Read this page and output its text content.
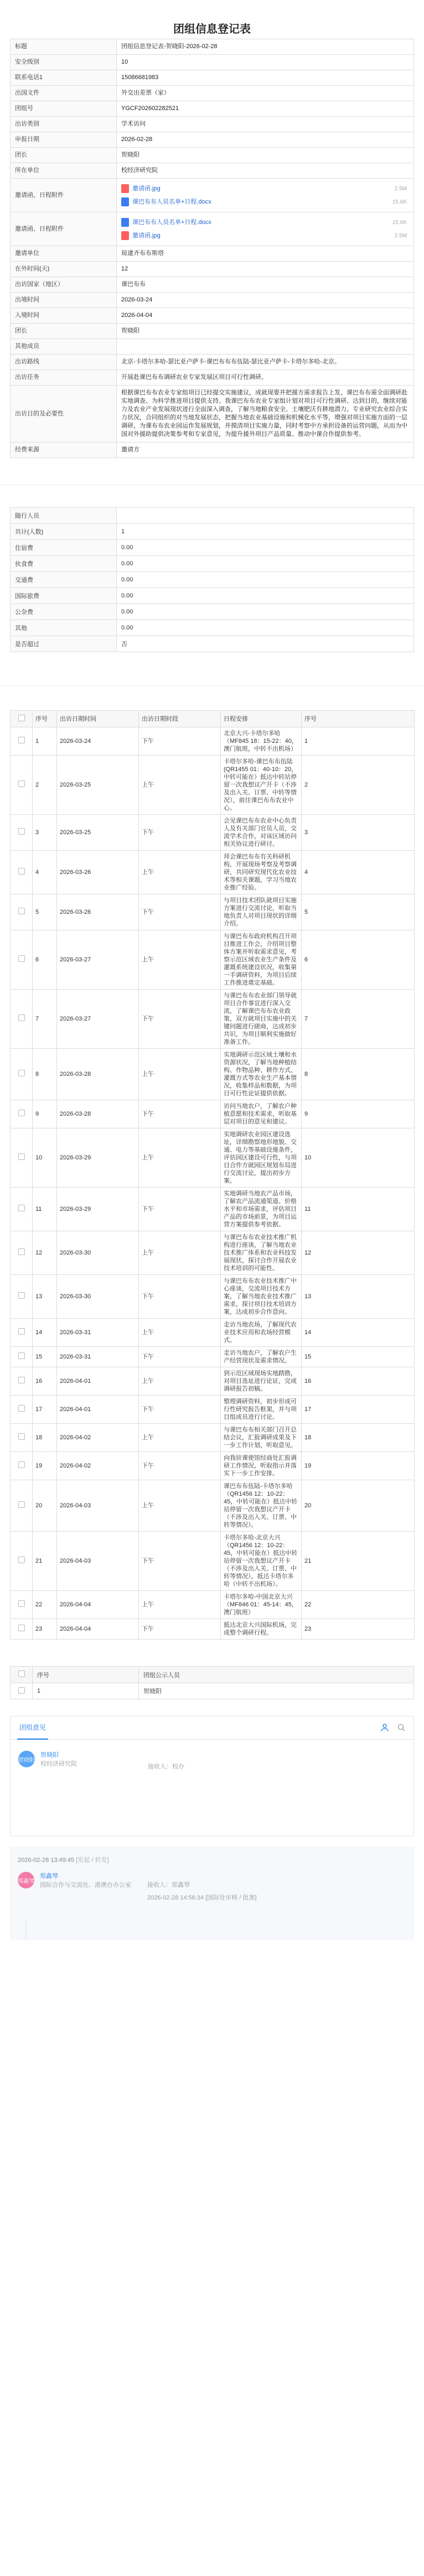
团组信息登记表
标题	团组信息登记表-贺晓阳-2026-02-28
安全级别	10
联系电话1	15086681983
出国文件	外交出差票（家）
团组号	YGCF202602282521
出访类别	学术访问
申报日期	2026-02-28
团长	贺晓阳
所在单位	校经济研究院
邀请函、日程附件	邀请函.jpg 2.5M
课巴布布人员名单+日程.docx 15.6K

邀请函、日程附件	课巴布布人员名单+日程.docx 15.6K
邀请函.jpg 2.5M

邀请单位	琼逮齐布布斯塔
在外时间(天)	12
出访国家（地区）	课巴布布
出境时间	2026-03-24
入境时间	2026-04-04
团长	贺晓阳
其他成员	
出访路线	北京-卡塔尔多哈-瑟比亚卢萨卡-课巴布布布伍陆-瑟比亚卢萨卡-卡塔尔多哈-北京。
出访任务	开展赴课巴布布调研农业专家发展区项目可行性调研。
出访目的及必要性	根据课巴布布农业专家组项目已经提交实施建议，成就现要并把援方需求报告上发，课巴布布需全面调研赴实地调查、为科学推进项目提供支持。我课巴布布农业专家组计划对项目可行性调研、达到目的，继续对能力及农业产业发展现状进行全面深入调查，了解当地粮食安全、土壤肥沃有耕地潜力。专业研究农业综合实力状况，合同组织的对当地发展状态，把握当地农业基础设施和机械化水平等，增强对项目实施方面的一层调研，为课布布农业园运作发展规划，并摸清项目实施力量，同时考察中方承担设备的运营问题，从而为中国对外援助提供决策参考和专家意见，为提升援外项目产品质量、推动中课合作提供参考。
经费来源	邀请方
随行人员	
共计(人数)	1
住宿费	0.00
伙食费	0.00
交通费	0.00
国际旅费	0.00
公杂费	0.00
其他	0.00
是否超过	否
	序号	出访日期时间	出访日期时段	日程安排	序号
	1	2026-03-24	下午	北京大兴-卡塔尔多哈（MF845 18：15-22：40，澳门航班，中转不出机场）	1
	2	2026-03-25	上午	卡塔尔多哈-课巴布布伍陆(QR1455 01：40-10：20，中转可能在）抵达中转站停留一次我想议产开卡（不涉及出入关、订票、中转等情况），前往课巴布布农业中心。	2
	3	2026-03-25	下午	会见课巴布布农业中心负责人及有关部门官员人员，交流学术合作，对该区域访问相关协议进行研讨。	3
	4	2026-03-26	上午	拜会课巴布布有关科研机构，开展现场考察及考察调研，共同研究现代化农业技术等相关课题，学习当地农业推广经验。	4
	5	2026-03-26	下午	与项目技术团队就项目实施方案进行交流讨论，听取当地负责人对项目现状的详细介绍。	5
	6	2026-03-27	上午	与课巴布布政府机构召开项目推进工作会，介绍项目整体方案并听取需求意见，考察示范区域农业生产条件及灌溉系统建设状况，收集第一手调研资料，为项目后续工作推进奠定基础。	6
	7	2026-03-27	下午	与课巴布布农业部门领导就项目合作事宜进行深入交流，了解课巴布布农业政策，双方就项目实施中的关键问题进行磋商，达成初步共识，为项目顺利实施做好准备工作。	7
	8	2026-03-28	上午	实地调研示范区域土壤和水资源状况，了解当地种植结构、作物品种、耕作方式、灌溉方式等农业生产基本情况，收集样品和数据，为项目可行性论证提供依据。	8
	9	2026-03-28	下午	访问当地农户，了解农户种植意愿和技术需求，听取基层对项目的意见和建议。	9
	10	2026-03-29	上午	实地调研农业园区建设选址，详细勘察地形地貌、交通、电力等基础设施条件，评估园区建设可行性，与项目合作方就园区规划布局进行交流讨论，提出初步方案。	10
	11	2026-03-29	下午	实地调研当地农产品市场，了解农产品流通渠道、价格水平和市场需求，评估项目产品的市场前景，为项目运营方案提供参考依据。	11
	12	2026-03-30	上午	与课巴布布农业技术推广机构进行座谈，了解当地农业技术推广体系和农业科技发展现状，探讨合作开展农业技术培训的可能性。	12
	13	2026-03-30	下午	与课巴布布农业技术推广中心座谈，交流项目技术方案，了解当地农业技术推广需求，探讨项目技术培训方案，达成初步合作意向。	13
	14	2026-03-31	上午	走访当地农场，了解现代农业技术应用和农场经营模式。	14
	15	2026-03-31	下午	走访当地农户，了解农户生产经营现状及需求情况。	15
	16	2026-04-01	上午	到示范区域现场实地踏勘，对项目选址进行论证，完成调研报告初稿。	16
	17	2026-04-01	下午	整理调研资料，初步形成可行性研究报告框架，并与项目组成员进行讨论。	17
	18	2026-04-02	上午	与课巴布布相关部门召开总结会议，汇报调研成果及下一步工作计划，听取意见。	18
	19	2026-04-02	下午	向我驻课使馆经商处汇报调研工作情况，听取指示并落实下一步工作安排。	19
	20	2026-04-03	上午	课巴布布伍陆-卡塔尔多哈（QR1456 12：10-22：45，中转可能在）抵达中转站停留一次我想议产开卡（不涉及出入关、订票、中转等情况）。	20
	21	2026-04-03	下午	卡塔尔多哈-北京大兴（QR1456 12：10-22：45，中转可能在）抵达中转站停留一次我想议产开卡（不涉及出入关、订票、中转等情况），抵达卡塔尔多哈（中转不出机场）。	21
	22	2026-04-04	上午	卡塔尔多哈-中国北京大兴（MF846 01：45-14：45，澳门航班）	22
	23	2026-04-04	下午	抵达北京大兴国际机场，完成整个调研行程。	23
	序号	团组公示人员
	1	贺晓阳
团组意见
贺晓阳
贺晓阳
校经济研究院	接收人：校办
2026-02-28 13:49:45 [发起 / 转发]
郑鑫琴
郑鑫琴
国际合作与交流处、港澳台办公室	接收人：郑鑫琴
2026-02-28 14:56:34 [国际处审核 / 批准]
